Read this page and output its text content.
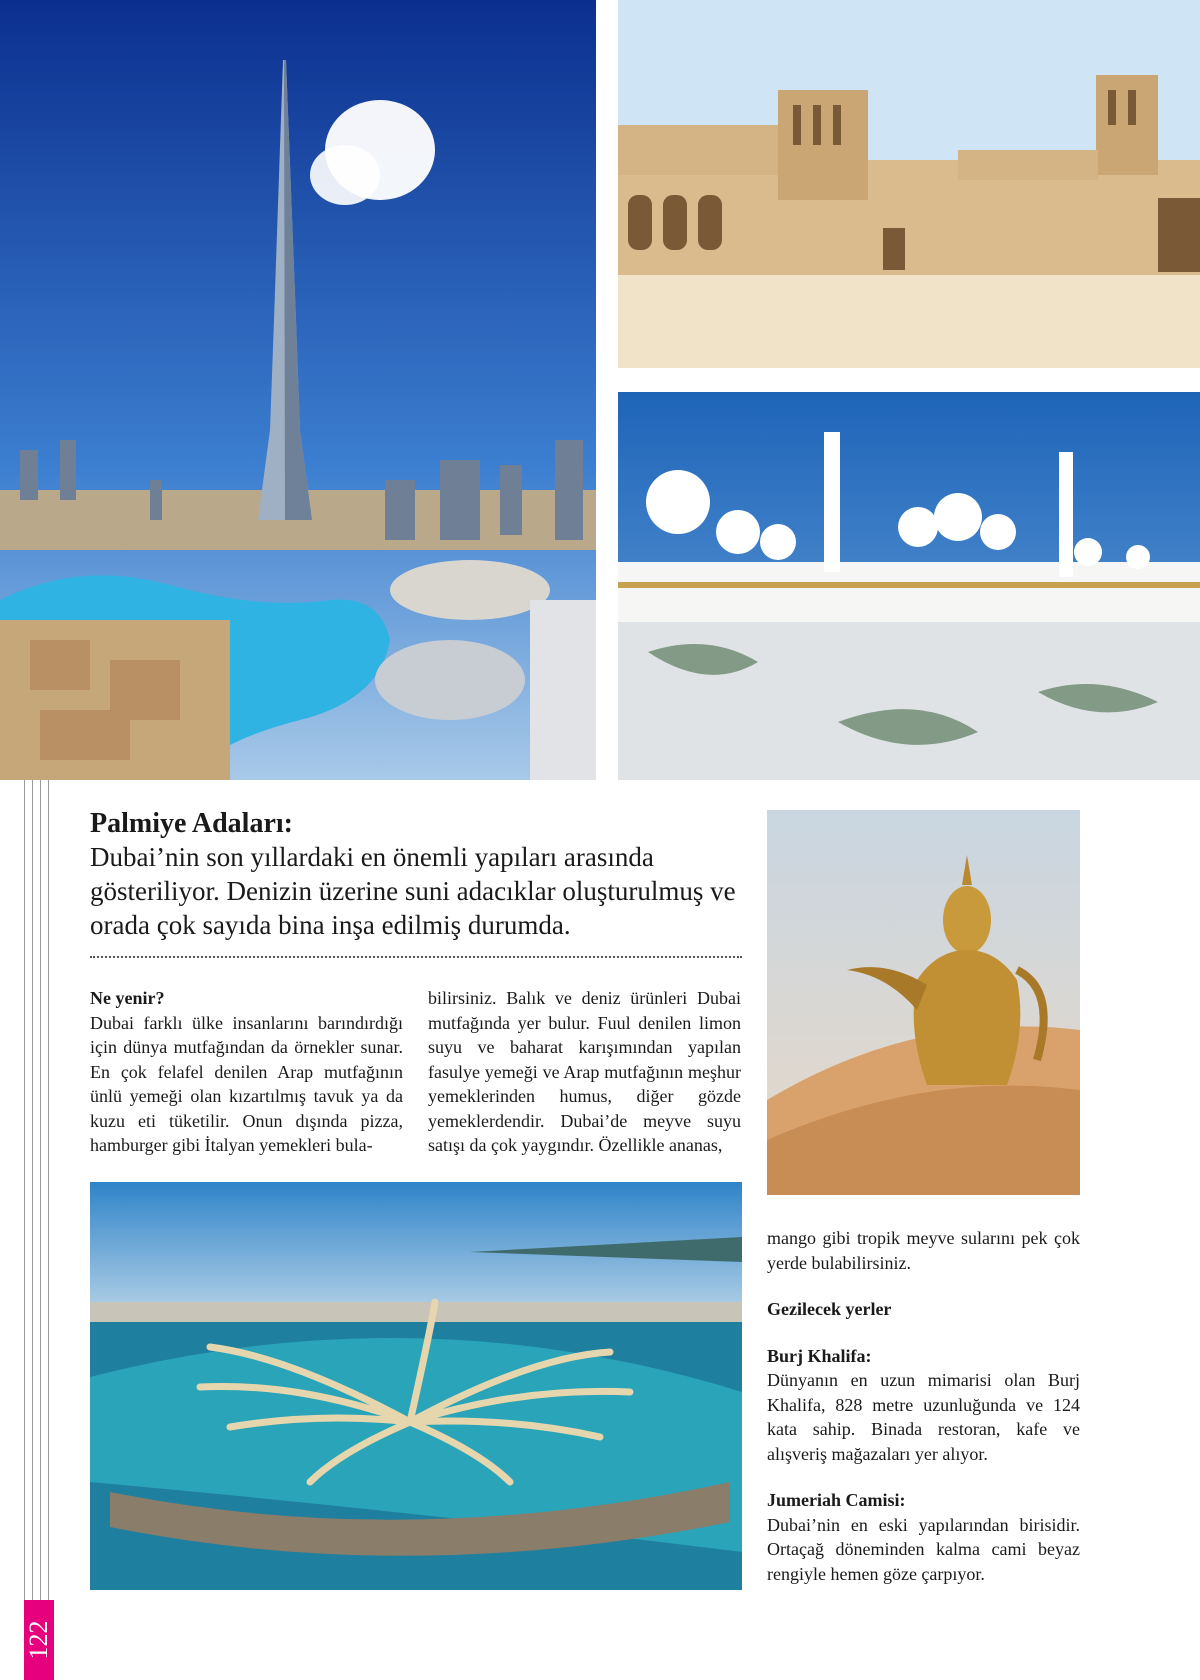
122
Palmiye Adaları:
Dubai’nin son yıllardaki en önemli yapıları arasında gösteriliyor. Denizin üzerine suni adacıklar oluşturulmuş ve orada çok sayıda bina inşa edilmiş durumda.
Ne yenir?
Dubai farklı ülke insanlarını barındırdığı için dünya mutfağından da örnekler sunar. En çok felafel denilen Arap mutfağının ünlü yemeği olan kızartılmış tavuk ya da kuzu eti tüketilir. Onun dışında pizza, hamburger gibi İtalyan yemekleri bula-
bilirsiniz. Balık ve deniz ürünleri Dubai mutfağında yer bulur. Fuul denilen limon suyu ve baharat karışımından yapılan fasulye yemeği ve Arap mutfağının meşhur yemeklerinden humus, diğer gözde yemeklerdendir. Dubai’de meyve suyu satışı da çok yaygındır. Özellikle ananas,
mango gibi tropik meyve sularını pek çok yerde bulabilirsiniz.
Gezilecek yerler
Burj Khalifa:
Dünyanın en uzun mimarisi olan Burj Khalifa, 828 metre uzunluğunda ve 124 kata sahip. Binada restoran, kafe ve alışveriş mağazaları yer alıyor.
Jumeriah Camisi:
Dubai’nin en eski yapılarından birisidir. Ortaçağ döneminden kalma cami beyaz rengiyle hemen göze çarpıyor.
